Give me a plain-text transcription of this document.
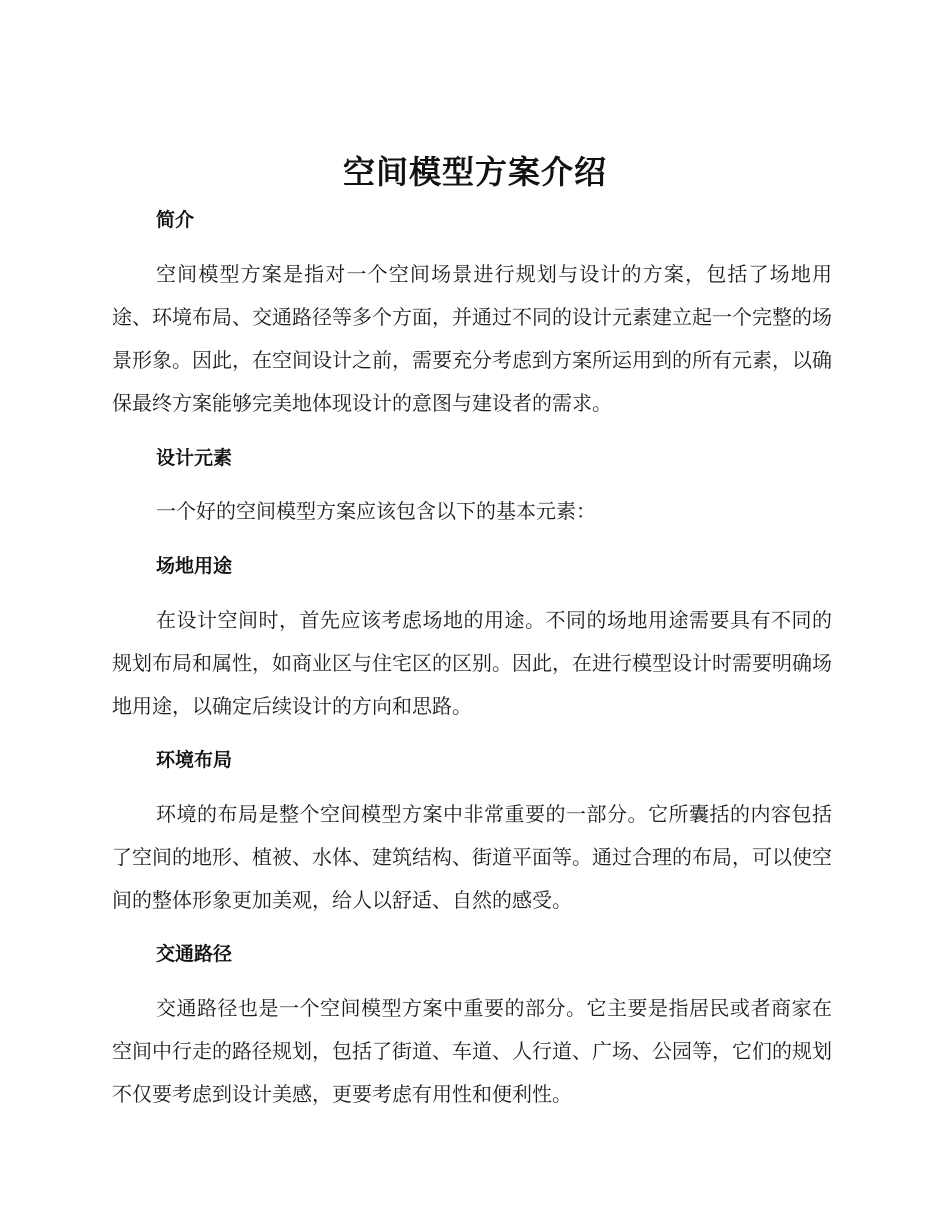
空间模型方案介绍
简介

空间模型方案是指对一个空间场景进行规划与设计的方案，包括了场地用途、环境布局、交通路径等多个方面，并通过不同的设计元素建立起一个完整的场景形象。因此，在空间设计之前，需要充分考虑到方案所运用到的所有元素，以确保最终方案能够完美地体现设计的意图与建设者的需求。

设计元素

一个好的空间模型方案应该包含以下的基本元素：

场地用途

在设计空间时，首先应该考虑场地的用途。不同的场地用途需要具有不同的规划布局和属性，如商业区与住宅区的区别。因此，在进行模型设计时需要明确场地用途，以确定后续设计的方向和思路。

环境布局

环境的布局是整个空间模型方案中非常重要的一部分。它所囊括的内容包括了空间的地形、植被、水体、建筑结构、街道平面等。通过合理的布局，可以使空间的整体形象更加美观，给人以舒适、自然的感受。

交通路径

交通路径也是一个空间模型方案中重要的部分。它主要是指居民或者商家在空间中行走的路径规划，包括了街道、车道、人行道、广场、公园等，它们的规划不仅要考虑到设计美感，更要考虑有用性和便利性。
